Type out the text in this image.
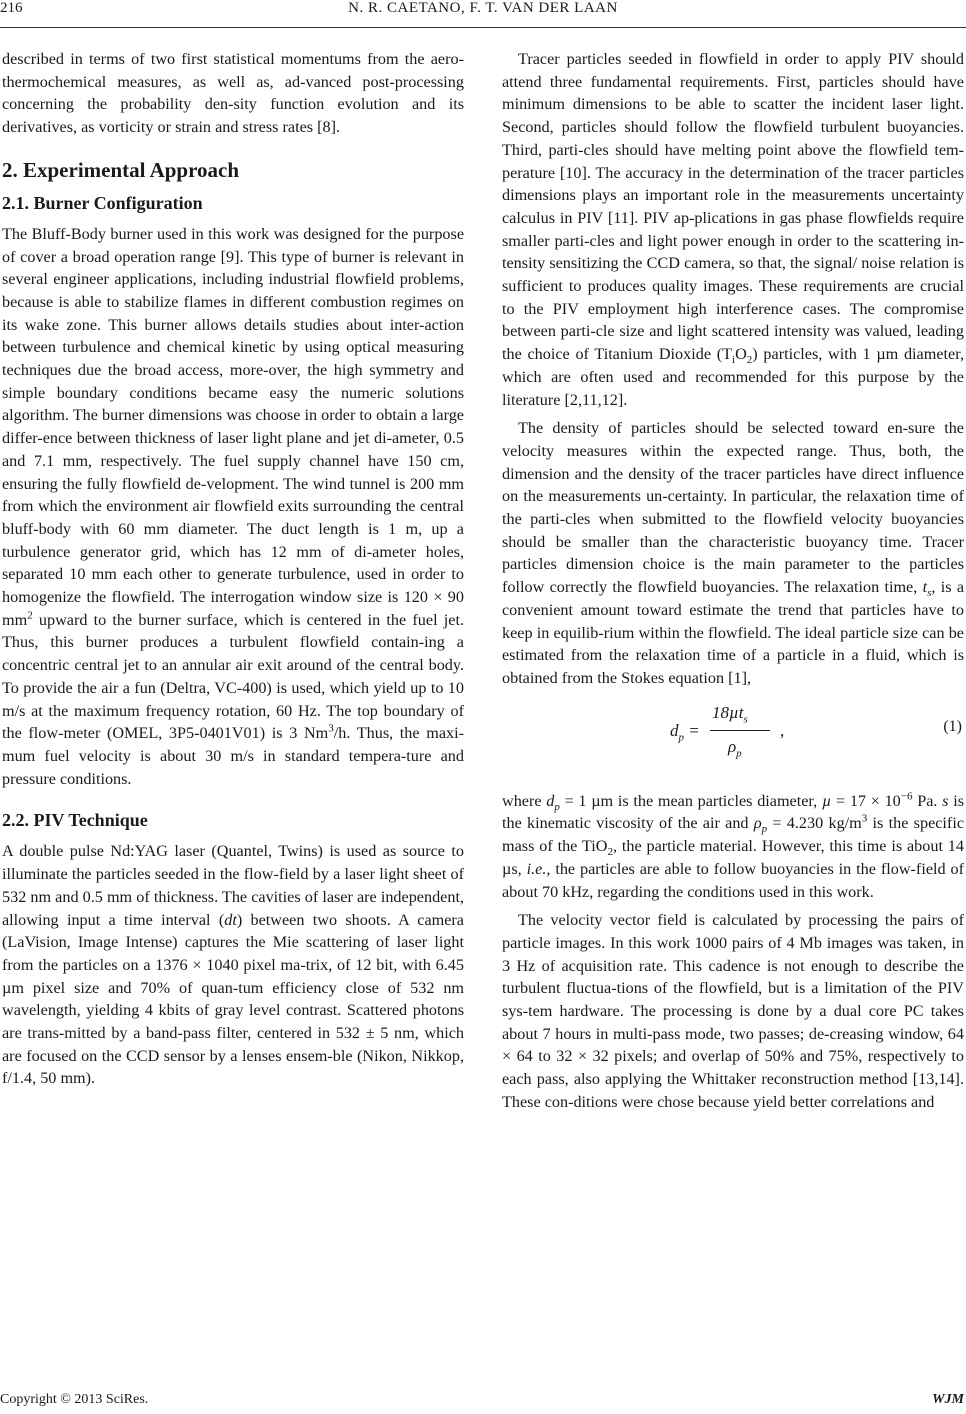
216	N. R. CAETANO, F. T. VAN DER LAAN

described in terms of two first statistical momentums from the aero-thermochemical measures, as well as, ad-vanced post-processing concerning the probability den-sity function evolution and its derivatives, as vorticity or strain and stress rates [8].

2. Experimental Approach
2.1. Burner Configuration

The Bluff-Body burner used in this work was designed for the purpose of cover a broad operation range [9]. This type of burner is relevant in several engineer applications, including industrial flowfield problems, because is able to stabilize flames in different combustion regimes on its wake zone. This burner allows details studies about inter-action between turbulence and chemical kinetic by using optical measuring techniques due the broad access, more-over, the high symmetry and simple boundary conditions became easy the numeric solutions algorithm. The burner dimensions was choose in order to obtain a large differ-ence between thickness of laser light plane and jet di-ameter, 0.5 and 7.1 mm, respectively. The fuel supply channel have 150 cm, ensuring the fully flowfield de-velopment. The wind tunnel is 200 mm from which the environment air flowfield exits surrounding the central bluff-body with 60 mm diameter. The duct length is 1 m, up a turbulence generator grid, which has 12 mm of di-ameter holes, separated 10 mm each other to generate turbulence, used in order to homogenize the flowfield. The interrogation window size is 120 × 90 $mm^2$ upward to the burner surface, which is centered in the fuel jet. Thus, this burner produces a turbulent flowfield contain-ing a concentric central jet to an annular air exit around of the central body. To provide the air a fun (Deltra, VC-400) is used, which yield up to 10 m/s at the maximum frequency rotation, 60 Hz. The top boundary of the flow-meter (OMEL, 3P5-0401V01) is 3 Nm$^3$/h. Thus, the maxi-mum fuel velocity is about 30 m/s in standard tempera-ture and pressure conditions.

2.2. PIV Technique

A double pulse Nd:YAG laser (Quantel, Twins) is used as source to illuminate the particles seeded in the flow-field by a laser light sheet of 532 nm and 0.5 mm of thickness. The cavities of laser are independent, allowing input a time interval (dt) between two shoots. A camera (LaVision, Image Intense) captures the Mie scattering of laser light from the particles on a 1376 × 1040 pixel ma-trix, of 12 bit, with 6.45 µm pixel size and 70% of quan-tum efficiency close of 532 nm wavelength, yielding 4 kbits of gray level contrast. Scattered photons are trans-mitted by a band-pass filter, centered in 532 ± 5 nm, which are focused on the CCD sensor by a lenses ensem-ble (Nikon, Nikkop, f/1.4, 50 mm).

Tracer particles seeded in flowfield in order to apply PIV should attend three fundamental requirements. First, particles should have minimum dimensions to be able to scatter the incident laser light. Second, particles should follow the flowfield turbulent buoyancies. Third, parti-cles should have melting point above the flowfield tem-perature [10]. The accuracy in the determination of the tracer particles dimensions plays an important role in the measurements uncertainty calculus in PIV [11]. PIV ap-plications in gas phase flowfields require smaller parti-cles and light power enough in order to the scattering in-tensity sensitizing the CCD camera, so that, the signal/ noise relation is sufficient to produces quality images. These requirements are crucial to the PIV employment high interference cases. The compromise between parti-cle size and light scattered intensity was valued, leading the choice of Titanium Dioxide $(T_iO_2)$ particles, with 1 µm diameter, which are often used and recommended for this purpose by the literature [2,11,12].

The density of particles should be selected toward en-sure the velocity measures within the expected range. Thus, both, the dimension and the density of the tracer particles have direct influence on the measurements un-certainty. In particular, the relaxation time of the parti-cles when submitted to the flowfield velocity buoyancies should be smaller than the characteristic buoyancy time. Tracer particles dimension choice is the main parameter to the particles follow correctly the flowfield buoyancies. The relaxation time, $t_s$, is a convenient amount toward estimate the trend that particles have to keep in equilib-rium within the flowfield. The ideal particle size can be estimated from the relaxation time of a particle in a fluid, which is obtained from the Stokes equation [1],

$d_p$ =
18µt$_s$
$\rho_p$
,	(1)

where $d_p = 1$ µm is the mean particles diameter, $\mu = 17 \times 10^{-6}$ Pa. s is the kinematic viscosity of the air and $\rho_p = 4.230$ $kg/m^3$ is the specific mass of the TiO$_2$, the particle material. However, this time is about 14 µs, i.e., the particles are able to follow buoyancies in the flow-field of about 70 kHz, regarding the conditions used in this work.

The velocity vector field is calculated by processing the pairs of particle images. In this work 1000 pairs of 4 Mb images was taken, in 3 Hz of acquisition rate. This cadence is not enough to describe the turbulent fluctua-tions of the flowfield, but is a limitation of the PIV sys-tem hardware. The processing is done by a dual core PC takes about 7 hours in multi-pass mode, two passes; de-creasing window, 64 × 64 to 32 × 32 pixels; and overlap of 50% and 75%, respectively to each pass, also applying the Whittaker reconstruction method [13,14]. These con-ditions were chose because yield better correlations and

Copyright © 2013 SciRes.	WJM
